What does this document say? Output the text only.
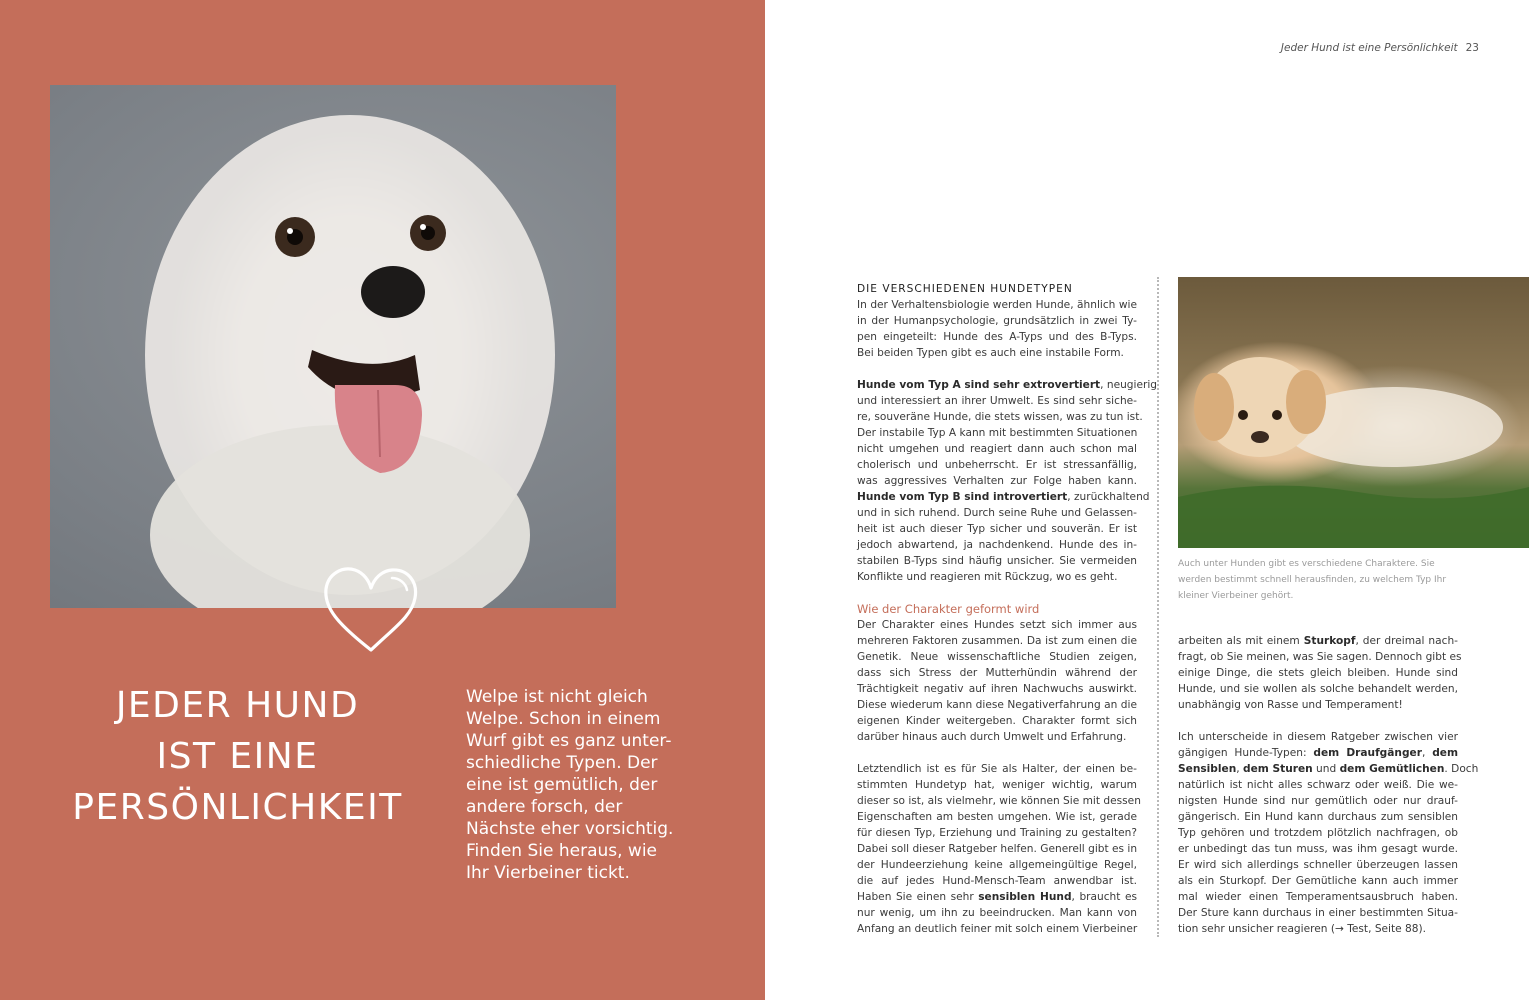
JEDER HUND
IST EINE
PERSÖNLICHKEIT

Welpe ist nicht gleich
Welpe. Schon in einem
Wurf gibt es ganz unter-
schiedliche Typen. Der
eine ist gemütlich, der
andere forsch, der
Nächste eher vorsichtig.
Finden Sie heraus, wie
Ihr Vierbeiner tickt.

Jeder Hund ist eine Persönlichkeit 23
DIE VERSCHIEDENEN HUNDETYPEN
In der Verhaltensbiologie werden Hunde, ähnlich wie
in der Humanpsychologie, grundsätzlich in zwei Ty-
pen eingeteilt: Hunde des A-Typs und des B-Typs.
Bei beiden Typen gibt es auch eine instabile Form.
Hunde vom Typ A sind sehr extrovertiert, neugierig
und interessiert an ihrer Umwelt. Es sind sehr siche-
re, souveräne Hunde, die stets wissen, was zu tun ist.
Der instabile Typ A kann mit bestimmten Situationen
nicht umgehen und reagiert dann auch schon mal
cholerisch und unbeherrscht. Er ist stressanfällig,
was aggressives Verhalten zur Folge haben kann.
Hunde vom Typ B sind introvertiert, zurückhaltend
und in sich ruhend. Durch seine Ruhe und Gelassen-
heit ist auch dieser Typ sicher und souverän. Er ist
jedoch abwartend, ja nachdenkend. Hunde des in-
stabilen B-Typs sind häufig unsicher. Sie vermeiden
Konflikte und reagieren mit Rückzug, wo es geht.
Wie der Charakter geformt wird
Der Charakter eines Hundes setzt sich immer aus
mehreren Faktoren zusammen. Da ist zum einen die
Genetik. Neue wissenschaftliche Studien zeigen,
dass sich Stress der Mutterhündin während der
Trächtigkeit negativ auf ihren Nachwuchs auswirkt.
Diese wiederum kann diese Negativerfahrung an die
eigenen Kinder weitergeben. Charakter formt sich
darüber hinaus auch durch Umwelt und Erfahrung.
Letztendlich ist es für Sie als Halter, der einen be-
stimmten Hundetyp hat, weniger wichtig, warum
dieser so ist, als vielmehr, wie können Sie mit dessen
Eigenschaften am besten umgehen. Wie ist, gerade
für diesen Typ, Erziehung und Training zu gestalten?
Dabei soll dieser Ratgeber helfen. Generell gibt es in
der Hundeerziehung keine allgemeingültige Regel,
die auf jedes Hund-Mensch-Team anwendbar ist.
Haben Sie einen sehr sensiblen Hund, braucht es
nur wenig, um ihn zu beeindrucken. Man kann von
Anfang an deutlich feiner mit solch einem Vierbeiner
Auch unter Hunden gibt es verschiedene Charaktere. Sie
werden bestimmt schnell herausfinden, zu welchem Typ Ihr
kleiner Vierbeiner gehört.
arbeiten als mit einem Sturkopf, der dreimal nach-
fragt, ob Sie meinen, was Sie sagen. Dennoch gibt es
einige Dinge, die stets gleich bleiben. Hunde sind
Hunde, und sie wollen als solche behandelt werden,
unabhängig von Rasse und Temperament!
Ich unterscheide in diesem Ratgeber zwischen vier
gängigen Hunde-Typen: dem Draufgänger, dem
Sensiblen, dem Sturen und dem Gemütlichen. Doch
natürlich ist nicht alles schwarz oder weiß. Die we-
nigsten Hunde sind nur gemütlich oder nur drauf-
gängerisch. Ein Hund kann durchaus zum sensiblen
Typ gehören und trotzdem plötzlich nachfragen, ob
er unbedingt das tun muss, was ihm gesagt wurde.
Er wird sich allerdings schneller überzeugen lassen
als ein Sturkopf. Der Gemütliche kann auch immer
mal wieder einen Temperamentsausbruch haben.
Der Sture kann durchaus in einer bestimmten Situa-
tion sehr unsicher reagieren (→ Test, Seite 88).
